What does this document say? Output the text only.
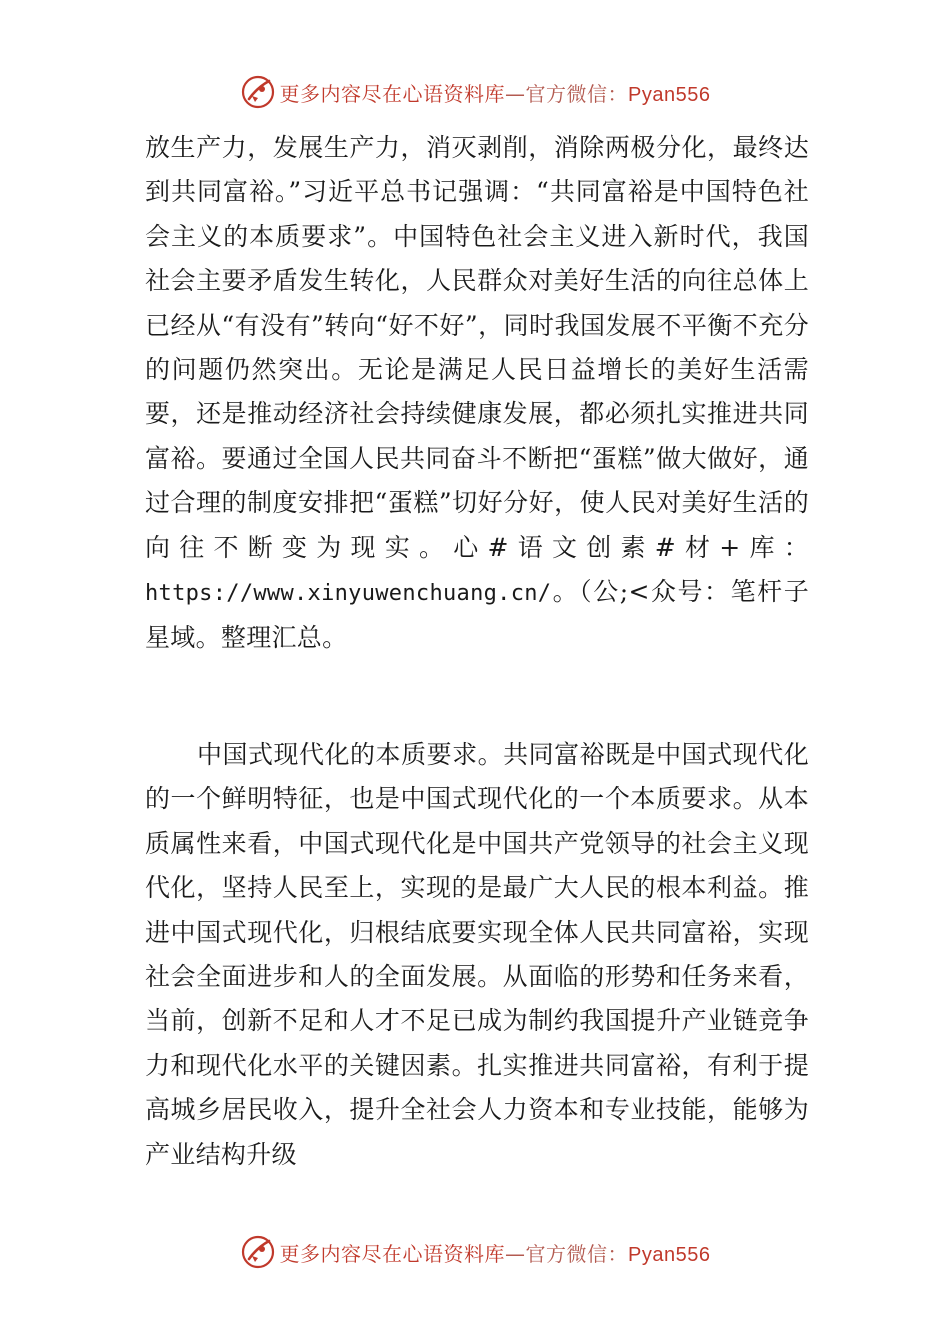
更多内容尽在心语资料库—官方微信：Pyan556

放生产力，发展生产力，消灭剥削，消除两极分化，最终达到共同富裕。”习近平总书记强调：“共同富裕是中国特色社会主义的本质要求”。中国特色社会主义进入新时代，我国社会主要矛盾发生转化，人民群众对美好生活的向往总体上已经从“有没有”转向“好不好”，同时我国发展不平衡不充分的问题仍然突出。无论是满足人民日益增长的美好生活需要，还是推动经济社会持续健康发展，都必须扎实推进共同富裕。要通过全国人民共同奋斗不断把“蛋糕”做大做好，通过合理的制度安排把“蛋糕”切好分好，使人民对美好生活的向往不断变为现实。心#语文创素#材+库：https://www.xinyuwenchuang.cn/。（公;<众号：笔杆子星域。整理汇总。

中国式现代化的本质要求。共同富裕既是中国式现代化的一个鲜明特征，也是中国式现代化的一个本质要求。从本质属性来看，中国式现代化是中国共产党领导的社会主义现代化，坚持人民至上，实现的是最广大人民的根本利益。推进中国式现代化，归根结底要实现全体人民共同富裕，实现社会全面进步和人的全面发展。从面临的形势和任务来看，当前，创新不足和人才不足已成为制约我国提升产业链竞争力和现代化水平的关键因素。扎实推进共同富裕，有利于提高城乡居民收入，提升全社会人力资本和专业技能，能够为产业结构升级

更多内容尽在心语资料库—官方微信：Pyan556
